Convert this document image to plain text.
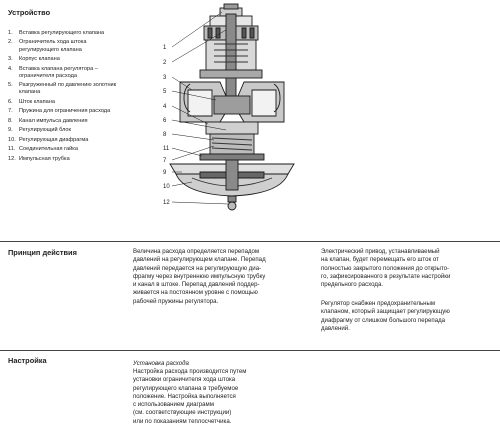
Устройство
1.	Вставка регулирующего клапана
2.	Ограничитель хода штока регулирующего клапана
3.	Корпус клапана
4.	Вставка клапана регулятора – ограничителя расхода
5.	Разгруженный по давлению золотник клапана
6.	Шток клапана
7.	Пружина для ограничения расхода
8.	Канал импульса давления
9.	Регулирующий блок
10. Регулирующая диафрагма
11. Соединительная гайка
12. Импульсная трубка
1
2
3
5
4
6
8
11
7
9
10
12
Принцип действия	Величина расхода определяется перепадом
давлений на регулирующем клапане. Перепад
давлений передается на регулирующую диа-
фрагму через внутреннюю импульсную трубку
и канал в штоке. Перепад давлений поддер-
живается на постоянном уровне с помощью
рабочей пружины регулятора.
Электрический привод, устанавливаемый
на клапан, будет перемещать его шток от
полностью закрытого положения до открыто-
го, зафиксированного в результате настройки
предельного расхода.
Регулятор снабжен предохранительным
клапаном, который защищает регулирующую
диафрагму от слишком большого перепада
давлений.
Настройка	Установка расхода
Настройка расхода производится путем
установки ограничителя хода штока
регулирующего клапана в требуемое
положение. Настройка выполняется
с использованием диаграмм
(см. соответствующие инструкции)
или по показаниям теплосчетчика.
